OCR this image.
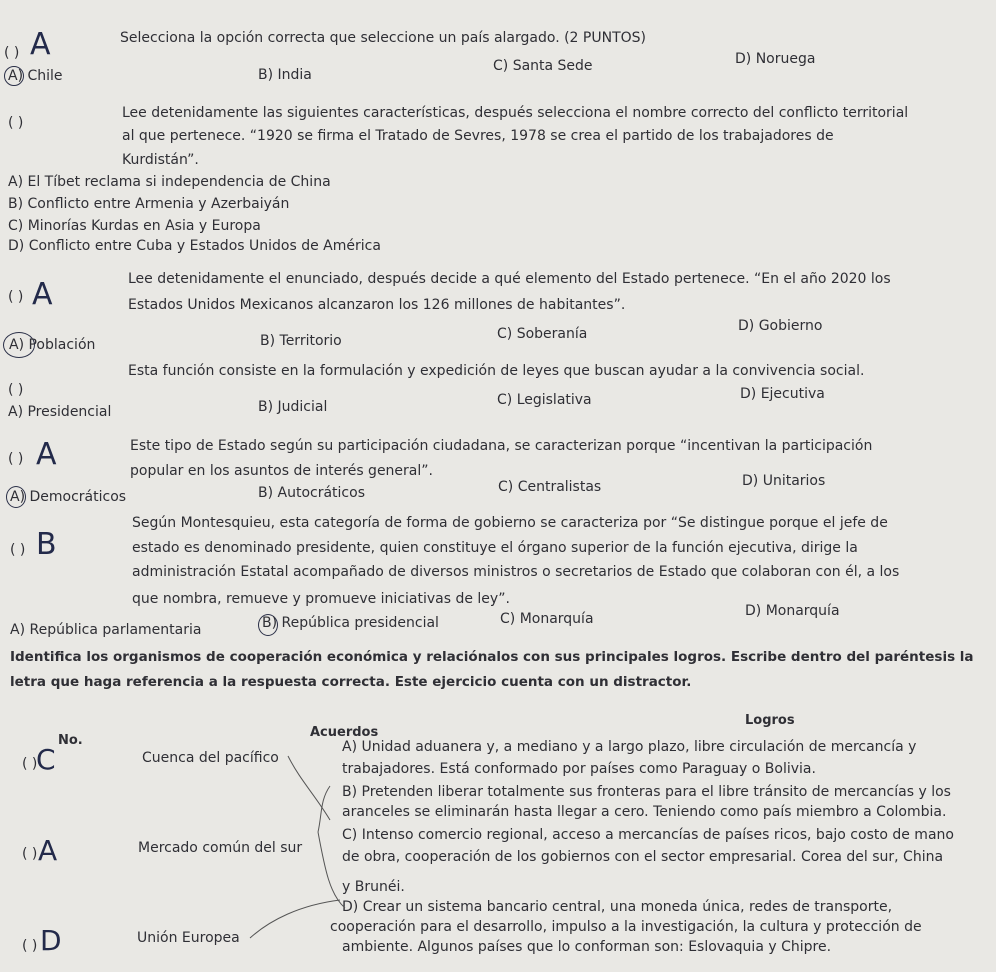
( ) A	Selecciona la opción correcta que seleccione un país alargado. (2 PUNTOS)
A) Chile	B) India
C) Santa Sede	D) Noruega
( )
Lee detenidamente las siguientes características, después selecciona el nombre correcto del conflicto territorial
al que pertenece. “1920 se firma el Tratado de Sevres, 1978 se crea el partido de los trabajadores de
Kurdistán”.
A) El Tíbet reclama si independencia de China
B) Conflicto entre Armenia y Azerbaiyán
C) Minorías Kurdas en Asia y Europa
D) Conflicto entre Cuba y Estados Unidos de América
( ) A	Lee detenidamente el enunciado, después decide a qué elemento del Estado pertenece. “En el año 2020 los
Estados Unidos Mexicanos alcanzaron los 126 millones de habitantes”.
A) Población	B) Territorio	C) Soberanía	D) Gobierno
( )
Esta función consiste en la formulación y expedición de leyes que buscan ayudar a la convivencia social.
A) Presidencial	B) Judicial	C) Legislativa	D) Ejecutiva
( ) A	Este tipo de Estado según su participación ciudadana, se caracterizan porque “incentivan la participación
popular en los asuntos de interés general”.
A) Democráticos	B) Autocráticos	C) Centralistas	D) Unitarios
( ) B
Según Montesquieu, esta categoría de forma de gobierno se caracteriza por “Se distingue porque el jefe de
estado es denominado presidente, quien constituye el órgano superior de la función ejecutiva, dirige la
administración Estatal acompañado de diversos ministros o secretarios de Estado que colaboran con él, a los
que nombra, remueve y promueve iniciativas de ley”.
A) República parlamentaria	B) República presidencial	C) Monarquía	D) Monarquía
Identifica los organismos de cooperación económica y relaciónalos con sus principales logros. Escribe dentro del paréntesis la
letra que haga referencia a la respuesta correcta. Este ejercicio cuenta con un distractor.
No.
Acuerdos
Logros
( )
C	Cuenca del pacífico
( ) A	Mercado común del sur
( ) D	Unión Europea
A) Unidad aduanera y, a mediano y a largo plazo, libre circulación de mercancía y
trabajadores. Está conformado por países como Paraguay o Bolivia.
B) Pretenden liberar totalmente sus fronteras para el libre tránsito de mercancías y los
aranceles se eliminarán hasta llegar a cero. Teniendo como país miembro a Colombia.
C) Intenso comercio regional, acceso a mercancías de países ricos, bajo costo de mano
de obra, cooperación de los gobiernos con el sector empresarial. Corea del sur, China
y Brunéi.
D) Crear un sistema bancario central, una moneda única, redes de transporte,
cooperación para el desarrollo, impulso a la investigación, la cultura y protección de
ambiente. Algunos países que lo conforman son: Eslovaquia y Chipre.
